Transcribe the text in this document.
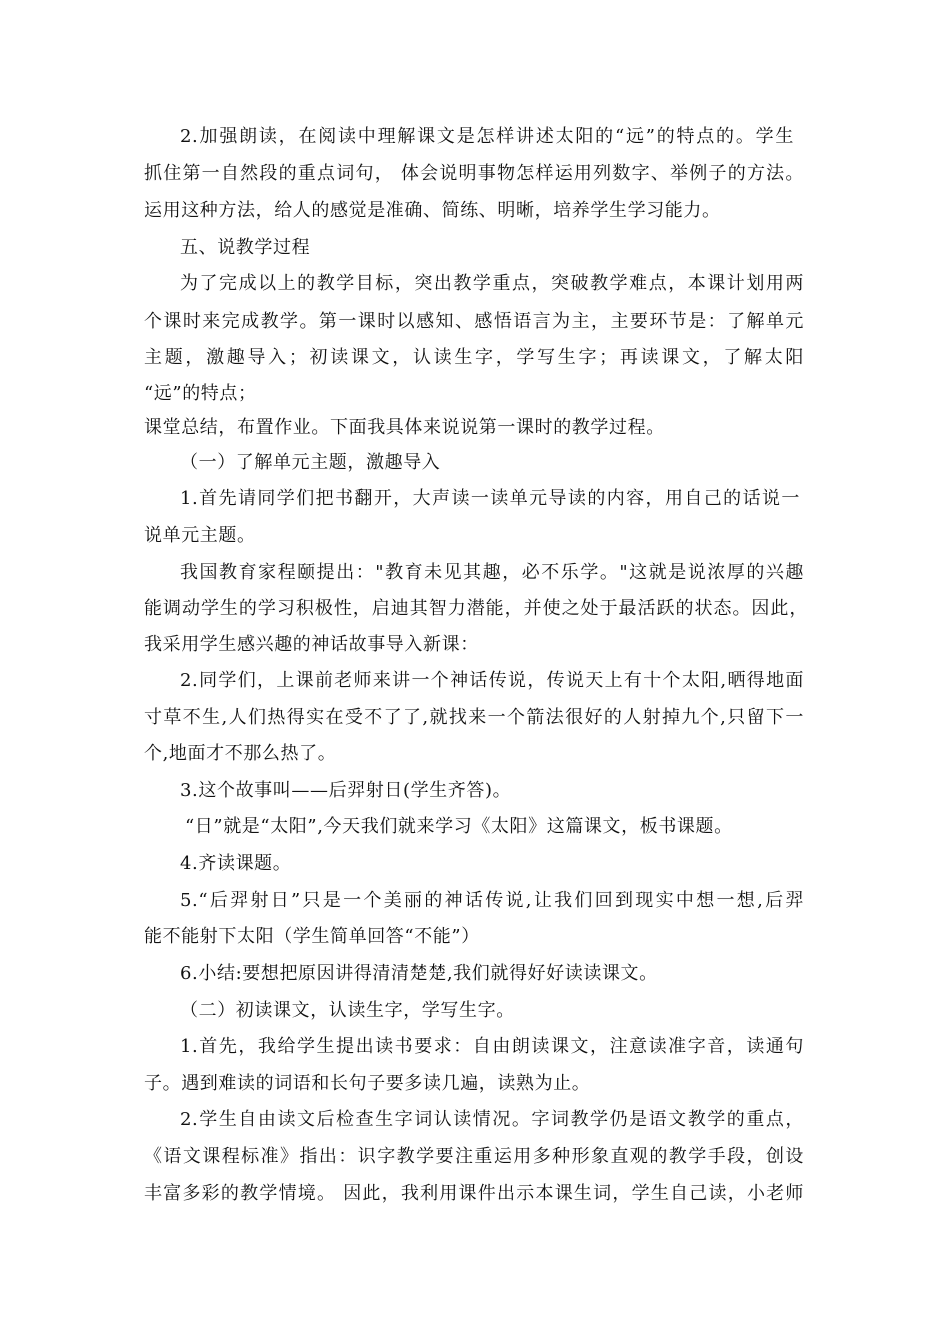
2.加强朗读，在阅读中理解课文是怎样讲述太阳的“远”的特点的。学生
抓住第一自然段的重点词句， 体会说明事物怎样运用列数字、举例子的方法。
运用这种方法，给人的感觉是准确、简练、明晰，培养学生学习能力。
五、说教学过程
为了完成以上的教学目标，突出教学重点，突破教学难点，本课计划用两
个课时来完成教学。第一课时以感知、感悟语言为主，主要环节是：了解单元
主题，激趣导入；初读课文，认读生字，学写生字；再读课文，了解太阳
“远”的特点；
课堂总结，布置作业。下面我具体来说说第一课时的教学过程。
（一）了解单元主题，激趣导入
1.首先请同学们把书翻开，大声读一读单元导读的内容，用自己的话说一
说单元主题。
我国教育家程颐提出："教育未见其趣，必不乐学。"这就是说浓厚的兴趣
能调动学生的学习积极性，启迪其智力潜能，并使之处于最活跃的状态。因此，
我采用学生感兴趣的神话故事导入新课：
2.同学们，上课前老师来讲一个神话传说，传说天上有十个太阳,晒得地面
寸草不生,人们热得实在受不了了,就找来一个箭法很好的人射掉九个,只留下一
个,地面才不那么热了。
3.这个故事叫——后羿射日(学生齐答)。
“日”就是“太阳”,今天我们就来学习《太阳》这篇课文，板书课题。
4.齐读课题。
5.“后羿射日”只是一个美丽的神话传说,让我们回到现实中想一想,后羿
能不能射下太阳（学生简单回答“不能”）
6.小结:要想把原因讲得清清楚楚,我们就得好好读读课文。
（二）初读课文，认读生字，学写生字。
1.首先，我给学生提出读书要求：自由朗读课文，注意读准字音，读通句
子。遇到难读的词语和长句子要多读几遍，读熟为止。
2.学生自由读文后检查生字词认读情况。字词教学仍是语文教学的重点，
《语文课程标准》指出：识字教学要注重运用多种形象直观的教学手段，创设
丰富多彩的教学情境。 因此，我利用课件出示本课生词，学生自己读，小老师
